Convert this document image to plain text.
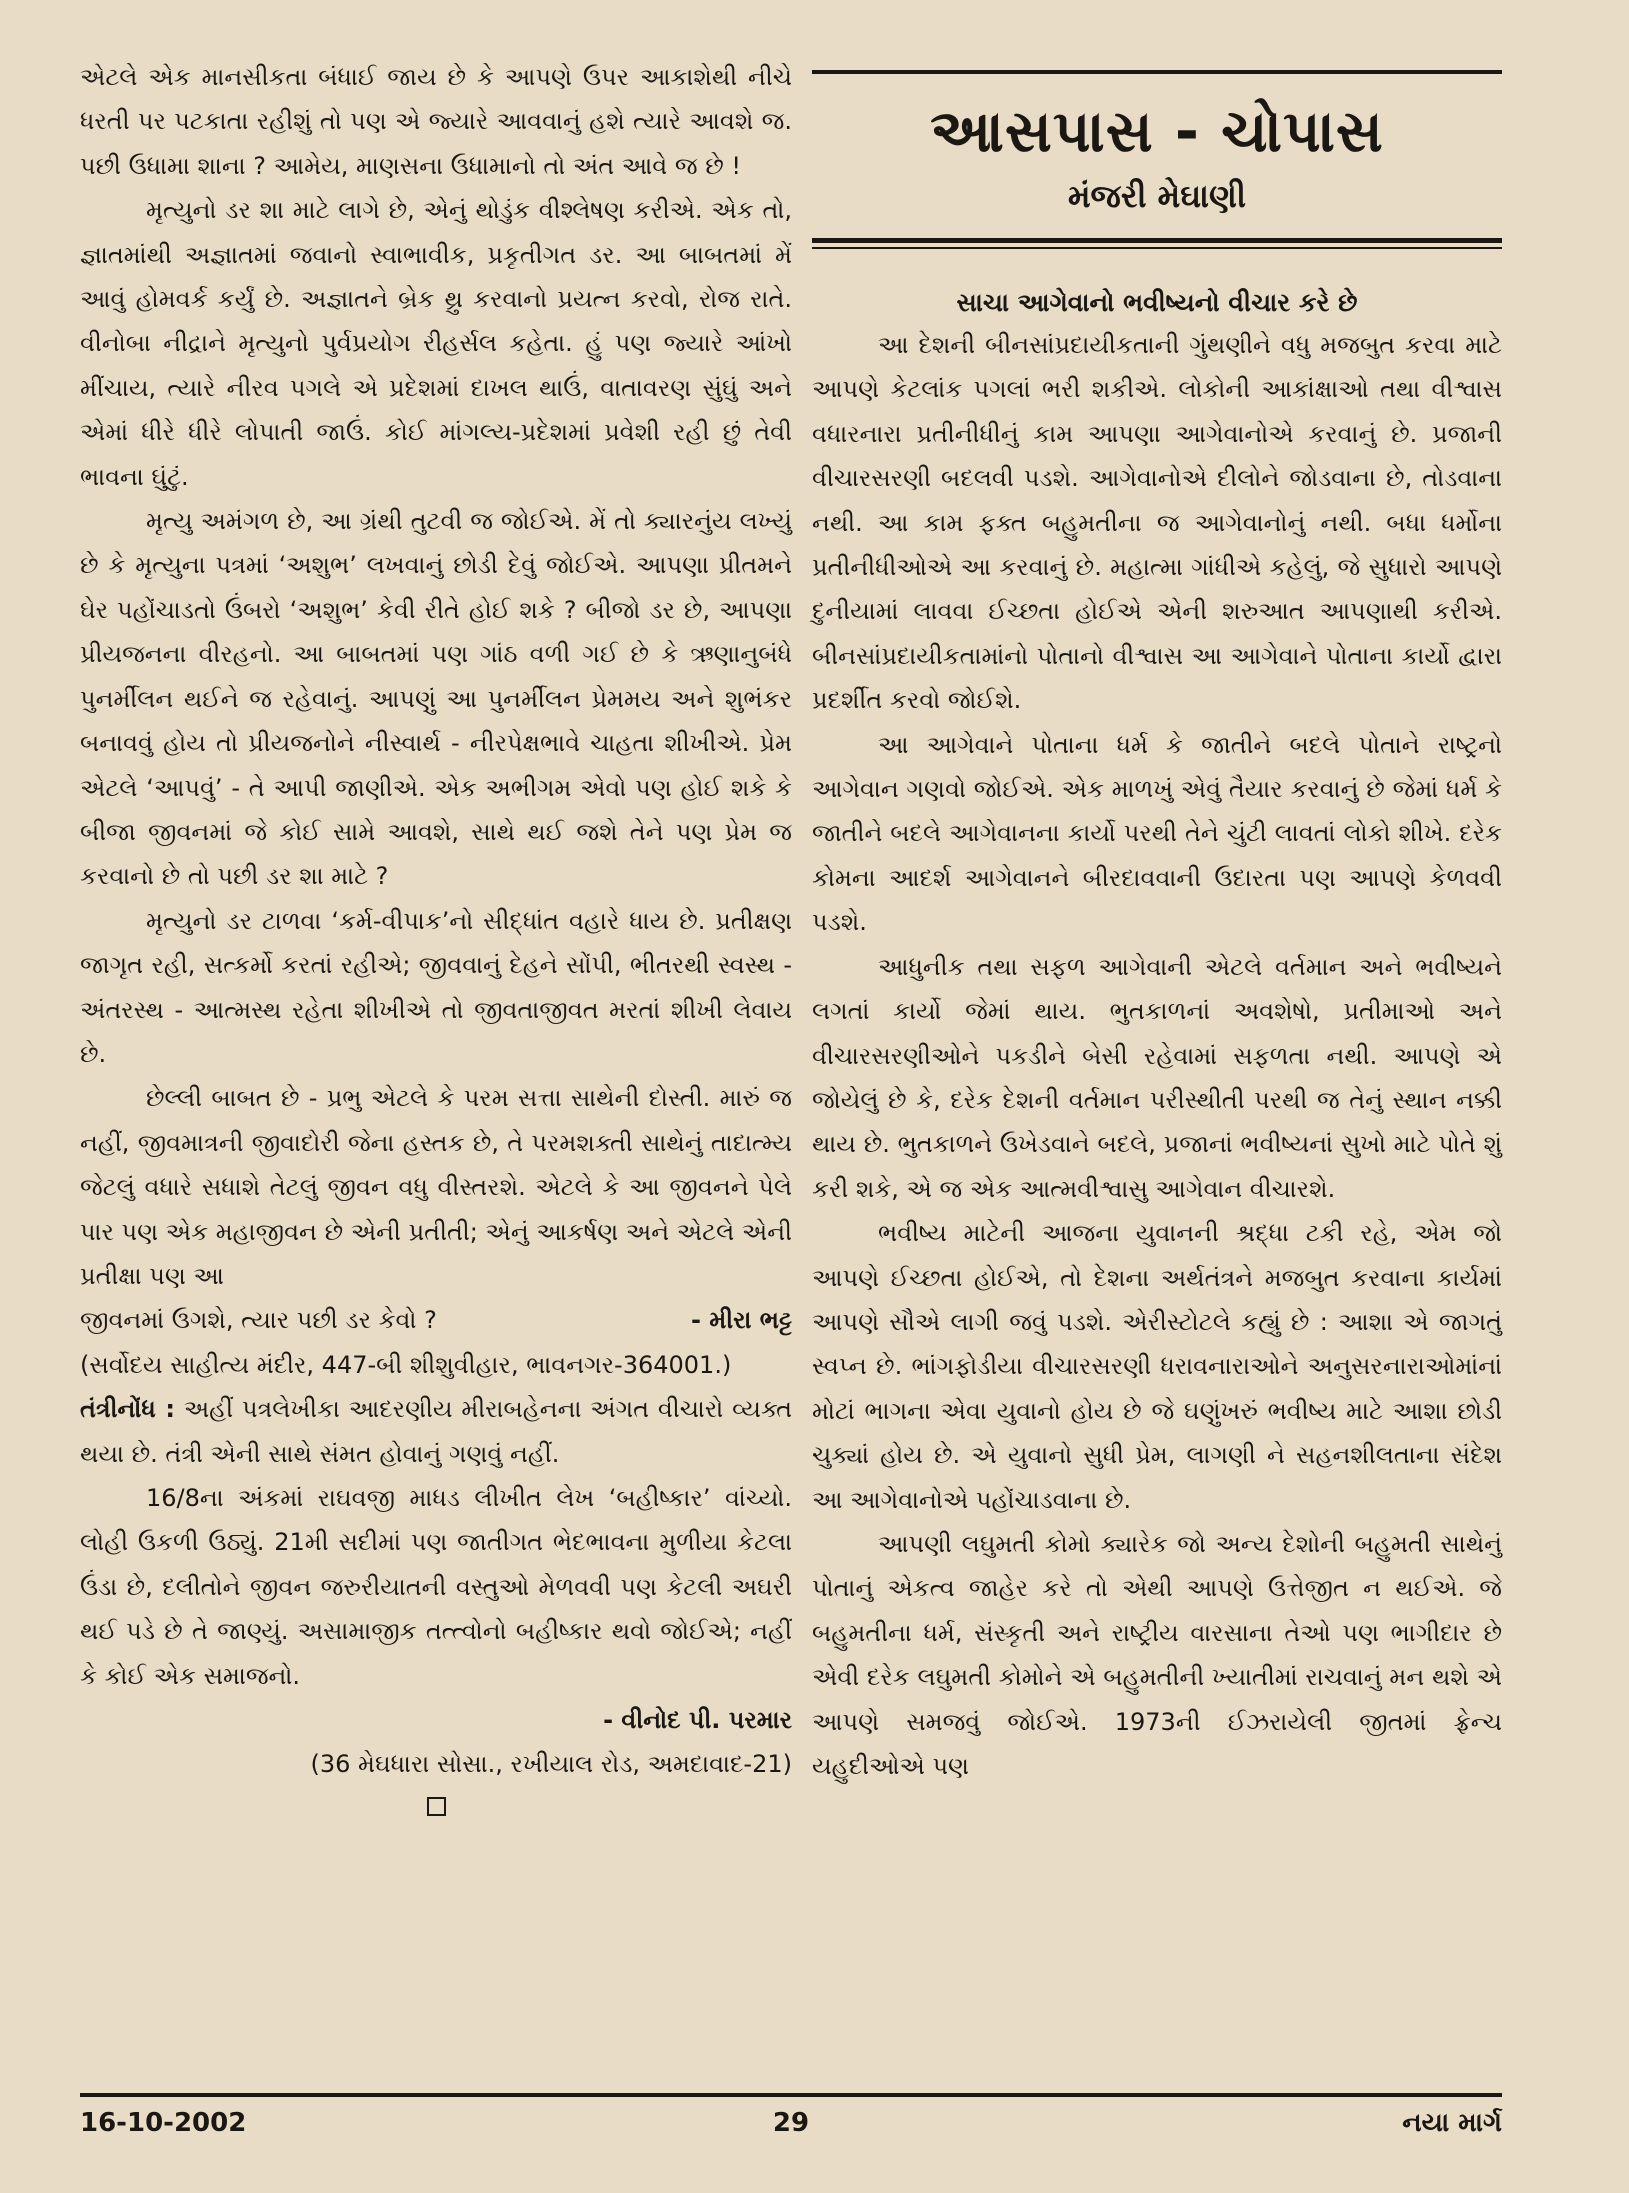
એટલે એક માનસીકતા બંધાઈ જાય છે કે આપણે ઉપર આકાશેથી નીચે ધરતી પર પટકાતા રહીશું તો પણ એ જ્યારે આવવાનું હશે ત્યારે આવશે જ. પછી ઉધામા શાના ? આમેય, માણસના ઉધામાનો તો અંત આવે જ છે !

મૃત્યુનો ડર શા માટે લાગે છે, એનું થોડુંક વીશ્લેષણ કરીએ. એક તો, જ્ઞાતમાંથી અજ્ઞાતમાં જવાનો સ્વાભાવીક, પ્રકૃતીગત ડર. આ બાબતમાં મેં આવું હોમવર્ક કર્યું છે. અજ્ઞાતને બ્રેક થ્રુ કરવાનો પ્રયત્ન કરવો, રોજ રાતે. વીનોબા નીદ્રાને મૃત્યુનો પુર્વપ્રયોગ રીહર્સલ કહેતા. હું પણ જ્યારે આંખો મીંચાય, ત્યારે નીરવ પગલે એ પ્રદેશમાં દાખલ થાઉં, વાતાવરણ સુંઘું અને એમાં ધીરે ધીરે લોપાતી જાઉં. કોઈ માંગલ્ય-પ્રદેશમાં પ્રવેશી રહી છું તેવી ભાવના ઘુંટું.

મૃત્યુ અમંગળ છે, આ ગ્રંથી તુટવી જ જોઈએ. મેં તો ક્યારનુંય લખ્યું છે કે મૃત્યુના પત્રમાં ‘અશુભ’ લખવાનું છોડી દેવું જોઈએ. આપણા પ્રીતમને ઘેર પહોંચાડતો ઉંબરો ‘અશુભ’ કેવી રીતે હોઈ શકે ? બીજો ડર છે, આપણા પ્રીયજનના વીરહનો. આ બાબતમાં પણ ગાંઠ વળી ગઈ છે કે ઋણાનુબંધે પુનર્મીલન થઈને જ રહેવાનું. આપણું આ પુનર્મીલન પ્રેમમય અને શુભંકર બનાવવું હોય તો પ્રીયજનોને નીસ્વાર્થ - નીરપેક્ષભાવે ચાહતા શીખીએ. પ્રેમ એટલે ‘આપવું’ - તે આપી જાણીએ. એક અભીગમ એવો પણ હોઈ શકે કે બીજા જીવનમાં જે કોઈ સામે આવશે, સાથે થઈ જશે તેને પણ પ્રેમ જ કરવાનો છે તો પછી ડર શા માટે ?

મૃત્યુનો ડર ટાળવા ‘કર્મ-વીપાક’નો સીદ્ધાંત વહારે ધાય છે. પ્રતીક્ષણ જાગૃત રહી, સત્કર્મો કરતાં રહીએ; જીવવાનું દેહને સોંપી, ભીતરથી સ્વસ્થ - અંતરસ્થ - આત્મસ્થ રહેતા શીખીએ તો જીવતાજીવત મરતાં શીખી લેવાય છે.

છેલ્લી બાબત છે - પ્રભુ એટલે કે પરમ સત્તા સાથેની દોસ્તી. મારું જ નહીં, જીવમાત્રની જીવાદોરી જેના હસ્તક છે, તે પરમશક્તી સાથેનું તાદાત્મ્ય જેટલું વધારે સધાશે તેટલું જીવન વધુ વીસ્તરશે. એટલે કે આ જીવનને પેલે પાર પણ એક મહાજીવન છે એની પ્રતીતી; એનું આકર્ષણ અને એટલે એની પ્રતીક્ષા પણ આ

જીવનમાં ઉગશે, ત્યાર પછી ડર કેવો ?	- મીરા ભટ્ટ

(સર્વોદય સાહીત્ય મંદીર, 447-બી શીશુવીહાર, ભાવનગર-364001.)

તંત્રીનોંધ : અહીં પત્રલેખીકા આદરણીય મીરાબહેનના અંગત વીચારો વ્યક્ત થયા છે. તંત્રી એની સાથે સંમત હોવાનું ગણવું નહીં.

16/8ના અંકમાં રાઘવજી માધડ લીખીત લેખ ‘બહીષ્કાર’ વાંચ્યો. લોહી ઉકળી ઉઠ્યું. 21મી સદીમાં પણ જાતીગત ભેદભાવના મુળીયા કેટલા ઉંડા છે, દલીતોને જીવન જરુરીયાતની વસ્તુઓ મેળવવી પણ કેટલી અઘરી થઈ પડે છે તે જાણ્યું. અસામાજીક તત્ત્વોનો બહીષ્કાર થવો જોઈએ; નહીં કે કોઈ એક સમાજનો.

- વીનોદ પી. પરમાર
(36 મેઘધારા સોસા., રખીયાલ રોડ, અમદાવાદ-21)
આસપાસ - ચોપાસ
મંજરી મેઘાણી
સાચા આગેવાનો ભવીષ્યનો વીચાર કરે છે

આ દેશની બીનસાંપ્રદાયીકતાની ગુંથણીને વધુ મજબુત કરવા માટે આપણે કેટલાંક પગલાં ભરી શકીએ. લોકોની આકાંક્ષાઓ તથા વીશ્વાસ વધારનારા પ્રતીનીધીનું કામ આપણા આગેવાનોએ કરવાનું છે. પ્રજાની વીચારસરણી બદલવી પડશે. આગેવાનોએ દીલોને જોડવાના છે, તોડવાના નથી. આ કામ ફક્ત બહુમતીના જ આગેવાનોનું નથી. બધા ધર્મોના પ્રતીનીધીઓએ આ કરવાનું છે. મહાત્મા ગાંધીએ કહેલું, જે સુધારો આપણે દુનીયામાં લાવવા ઈચ્છતા હોઈએ એની શરુઆત આપણાથી કરીએ. બીનસાંપ્રદાયીકતામાંનો પોતાનો વીશ્વાસ આ આગેવાને પોતાના કાર્યો દ્વારા પ્રદર્શીત કરવો જોઈશે.

આ આગેવાને પોતાના ધર્મ કે જાતીને બદલે પોતાને રાષ્ટ્રનો આગેવાન ગણવો જોઈએ. એક માળખું એવું તૈયાર કરવાનું છે જેમાં ધર્મ કે જાતીને બદલે આગેવાનના કાર્યો પરથી તેને ચુંટી લાવતાં લોકો શીખે. દરેક કોમના આદર્શ આગેવાનને બીરદાવવાની ઉદારતા પણ આપણે કેળવવી પડશે.

આધુનીક તથા સફળ આગેવાની એટલે વર્તમાન અને ભવીષ્યને લગતાં કાર્યો જેમાં થાય. ભુતકાળનાં અવશેષો, પ્રતીમાઓ અને વીચારસરણીઓને પકડીને બેસી રહેવામાં સફળતા નથી. આપણે એ જોયેલું છે કે, દરેક દેશની વર્તમાન પરીસ્થીતી પરથી જ તેનું સ્થાન નક્કી થાય છે. ભુતકાળને ઉખેડવાને બદલે, પ્રજાનાં ભવીષ્યનાં સુખો માટે પોતે શું કરી શકે, એ જ એક આત્મવીશ્વાસુ આગેવાન વીચારશે.

ભવીષ્ય માટેની આજના યુવાનની શ્રદ્ધા ટકી રહે, એમ જો આપણે ઈચ્છતા હોઈએ, તો દેશના અર્થતંત્રને મજબુત કરવાના કાર્યમાં આપણે સૌએ લાગી જવું પડશે. એરીસ્ટોટલે કહ્યું છે : આશા એ જાગતું સ્વપ્ન છે. ભાંગફોડીયા વીચારસરણી ધરાવનારાઓને અનુસરનારાઓમાંનાં મોટાં ભાગના એવા યુવાનો હોય છે જે ઘણુંખરું ભવીષ્ય માટે આશા છોડી ચુક્યાં હોય છે. એ યુવાનો સુધી પ્રેમ, લાગણી ને સહનશીલતાના સંદેશ આ આગેવાનોએ પહોંચાડવાના છે.

આપણી લઘુમતી કોમો ક્યારેક જો અન્ય દેશોની બહુમતી સાથેનું પોતાનું એકત્વ જાહેર કરે તો એથી આપણે ઉત્તેજીત ન થઈએ. જે બહુમતીના ધર્મ, સંસ્કૃતી અને રાષ્ટ્રીય વારસાના તેઓ પણ ભાગીદાર છે એવી દરેક લઘુમતી કોમોને એ બહુમતીની ખ્યાતીમાં રાચવાનું મન થશે એ આપણે સમજવું જોઈએ. 1973ની ઈઝરાયેલી જીતમાં ફ્રેન્ચ યહુદીઓએ પણ

16-10-2002	29	નયા માર્ગ
